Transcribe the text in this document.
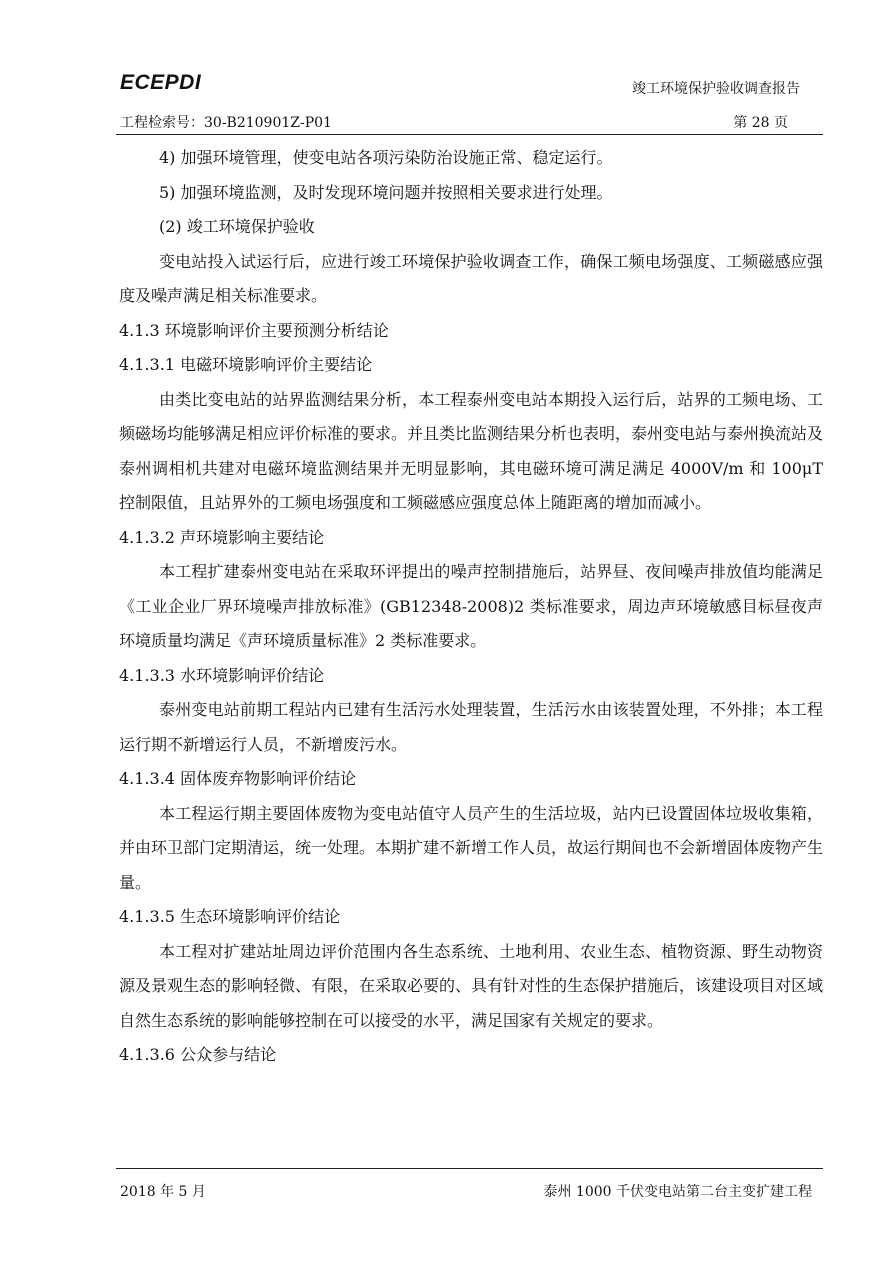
ECEPDI	竣工环境保护验收调查报告
工程检索号：30-B210901Z-P01	第 28 页

4) 加强环境管理，使变电站各项污染防治设施正常、稳定运行。

5) 加强环境监测，及时发现环境问题并按照相关要求进行处理。

(2) 竣工环境保护验收

变电站投入试运行后，应进行竣工环境保护验收调查工作，确保工频电场强度、工频磁感应强度及噪声满足相关标准要求。

4.1.3 环境影响评价主要预测分析结论

4.1.3.1 电磁环境影响评价主要结论

由类比变电站的站界监测结果分析，本工程泰州变电站本期投入运行后，站界的工频电场、工频磁场均能够满足相应评价标准的要求。并且类比监测结果分析也表明，泰州变电站与泰州换流站及泰州调相机共建对电磁环境监测结果并无明显影响，其电磁环境可满足满足 4000V/m 和 100μT 控制限值，且站界外的工频电场强度和工频磁感应强度总体上随距离的增加而减小。

4.1.3.2 声环境影响主要结论

本工程扩建泰州变电站在采取环评提出的噪声控制措施后，站界昼、夜间噪声排放值均能满足《工业企业厂界环境噪声排放标准》(GB12348-2008)2 类标准要求，周边声环境敏感目标昼夜声环境质量均满足《声环境质量标准》2 类标准要求。

4.1.3.3 水环境影响评价结论

泰州变电站前期工程站内已建有生活污水处理装置，生活污水由该装置处理，不外排；本工程运行期不新增运行人员，不新增废污水。

4.1.3.4 固体废弃物影响评价结论

本工程运行期主要固体废物为变电站值守人员产生的生活垃圾，站内已设置固体垃圾收集箱，并由环卫部门定期清运，统一处理。本期扩建不新增工作人员，故运行期间也不会新增固体废物产生量。

4.1.3.5 生态环境影响评价结论

本工程对扩建站址周边评价范围内各生态系统、土地利用、农业生态、植物资源、野生动物资源及景观生态的影响轻微、有限，在采取必要的、具有针对性的生态保护措施后，该建设项目对区域自然生态系统的影响能够控制在可以接受的水平，满足国家有关规定的要求。

4.1.3.6 公众参与结论

2018 年 5 月	泰州 1000 千伏变电站第二台主变扩建工程
